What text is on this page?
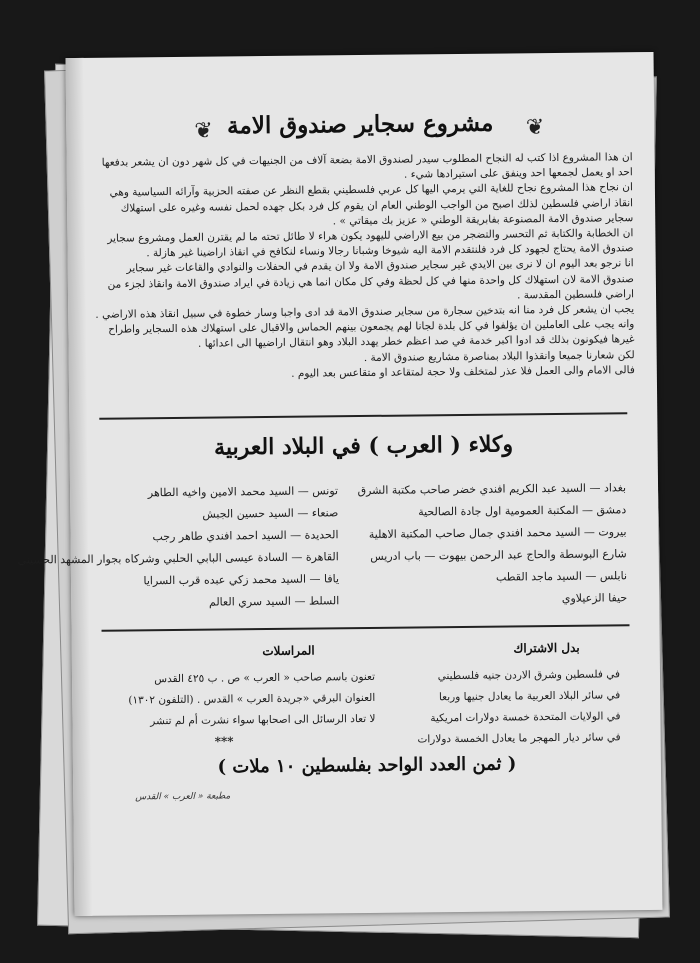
❦	❦
مشروع سجاير صندوق الامة

ان هذا المشروع اذا كتب له النجاح المطلوب سيدر لصندوق الامة بضعة آلاف من الجنيهات في كل شهر دون ان يشعر بدفعها احد او يعمل لجمعها احد وينفق على استيرادها شيء .

ان نجاح هذا المشروع نجاح للغاية التي يرمي اليها كل عربي فلسطيني بقطع النظر عن صفته الحزبية وآرائه السياسية وهي انقاذ اراضي فلسطين لذلك اصبح من الواجب الوطني العام ان يقوم كل فرد بكل جهده لحمل نفسه وغيره على استهلاك سجاير صندوق الامة المصنوعة بفابريقة الوطني « عزيز بك ميقاتي » .

ان الخطابة والكتابة ثم التحسر والتضجر من بيع الاراضي لليهود يكون هراء لا طائل تحته ما لم يقترن العمل ومشروع سجاير صندوق الامة يحتاج لجهود كل فرد فلنتقدم الامة اليه شيوخا وشبانا رجالا ونساء لنكافح في انقاذ اراضينا غير هازلة .

انا نرجو بعد اليوم ان لا نرى بين الايدي غير سجاير صندوق الامة ولا ان يقدم في الحفلات والنوادي والقاعات غير سجاير صندوق الامة لان استهلاك كل واحدة منها في كل لحظة وفي كل مكان انما هي زيادة في ايراد صندوق الامة وانقاذ لجزء من اراضي فلسطين المقدسة .

يجب ان يشعر كل فرد منا انه بتدخين سجارة من سجاير صندوق الامة قد ادى واجبا وسار خطوة في سبيل انقاذ هذه الاراضي .

وانه يجب على العاملين ان يؤلفوا في كل بلدة لجانا لهم يجمعون بينهم الحماس والاقبال على استهلاك هذه السجاير واطراح غيرها فيكونون بذلك قد ادوا اكبر خدمة في صد اعظم خطر يهدد البلاد وهو انتقال اراضيها الى اعدائها .

لكن شعارنا جميعا وانقذوا البلاد بمناصرة مشاريع صندوق الامة .

فالى الامام والى العمل فلا عذر لمتخلف ولا حجة لمتقاعد او متقاعس بعد اليوم .

وكلاء ( العرب ) في البلاد العربية
بغداد — السيد عبد الكريم افندي خضر صاحب مكتبة الشرق
دمشق — المكتبة العمومية اول جادة الصالحية
بيروت — السيد محمد افندي جمال صاحب المكتبة الاهلية
شارع البوسطة والحاج عبد الرحمن بيهوت — باب ادريس
نابلس — السيد ماجد القطب
حيفا الزعيلاوي
تونس — السيد محمد الامين واخيه الطاهر
صنعاء — السيد حسين الجبش
الحديدة — السيد احمد افندي طاهر رجب
القاهرة — السادة عيسى البابي الحلبي وشركاه بجوار المشهد الحسيني
يافا — السيد محمد زكي عبده قرب السرايا
السلط — السيد سري العالم
بدل الاشتراك
في فلسطين وشرق الاردن جنيه فلسطيني
في سائر البلاد العربية ما يعادل جنيها وربعا
في الولايات المتحدة خمسة دولارات امريكية
في سائر ديار المهجر ما يعادل الخمسة دولارات
المراسلات
تعنون باسم صاحب « العرب » ص . ب ٤٢٥ القدس
العنوان البرقي «جريدة العرب » القدس . (التلفون ١٣٠٢)
لا تعاد الرسائل الى اصحابها سواء نشرت أم لم تنشر
***
( ثمن العدد الواحد بفلسطين ١٠ ملات )
مطبعة « العرب » القدس
